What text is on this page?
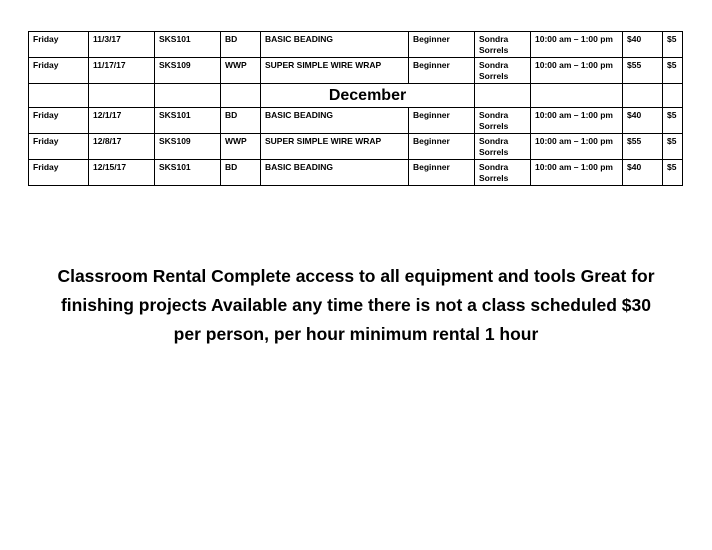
Friday	11/3/17	SKS101	BD	BASIC BEADING	Beginner	Sondra Sorrels	10:00 am – 1:00 pm	$40	$5
Friday	11/17/17	SKS109	WWP	SUPER SIMPLE WIRE WRAP	Beginner	Sondra Sorrels	10:00 am – 1:00 pm	$55	$5
				December					
Friday	12/1/17	SKS101	BD	BASIC BEADING	Beginner	Sondra Sorrels	10:00 am – 1:00 pm	$40	$5
Friday	12/8/17	SKS109	WWP	SUPER SIMPLE WIRE WRAP	Beginner	Sondra Sorrels	10:00 am – 1:00 pm	$55	$5
Friday	12/15/17	SKS101	BD	BASIC BEADING	Beginner	Sondra Sorrels	10:00 am – 1:00 pm	$40	$5
Classroom Rental Complete access to all equipment and tools Great for
finishing projects Available any time there is not a class scheduled $30
per person, per hour minimum rental 1 hour
